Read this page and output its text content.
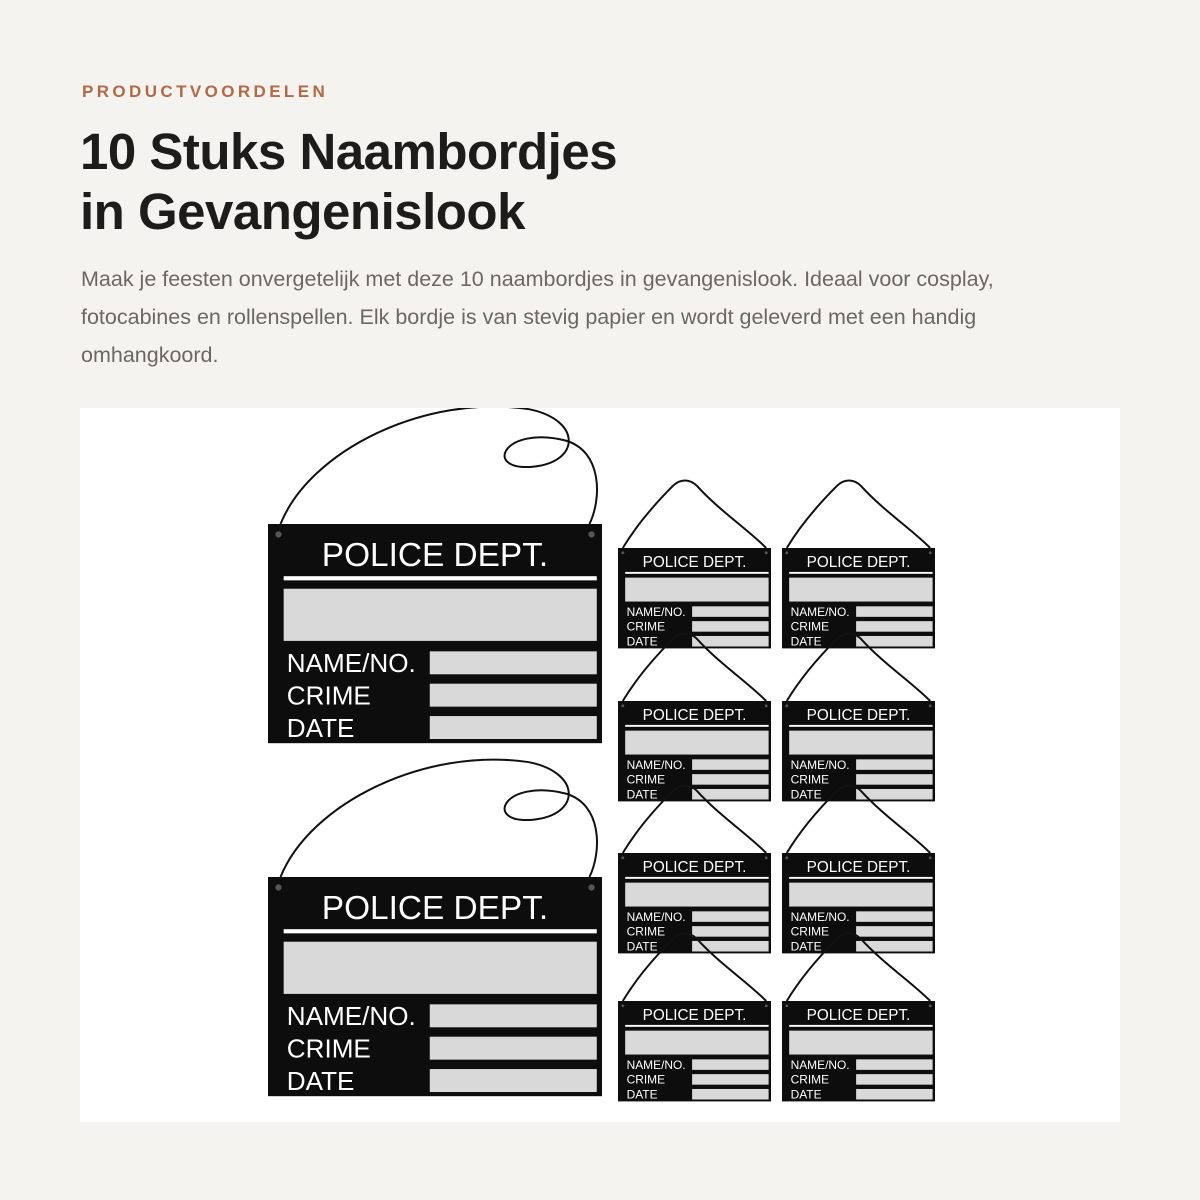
PRODUCTVOORDELEN
10 Stuks Naambordjes
in Gevangenislook

Maak je feesten onvergetelijk met deze 10 naambordjes in gevangenislook. Ideaal voor cosplay, fotocabines en rollenspellen. Elk bordje is van stevig papier en wordt geleverd met een handig omhangkoord.

POLICE DEPT.
NAME/NO.
CRIME
DATE
POLICE DEPT.
NAME/NO.
CRIME
DATE
POLICE DEPT.
NAME/NO.
CRIME
DATE
POLICE DEPT.
NAME/NO.
CRIME
DATE
POLICE DEPT.
NAME/NO.
CRIME
DATE
POLICE DEPT.
NAME/NO.
CRIME
DATE
POLICE DEPT.
NAME/NO.
CRIME
DATE
POLICE DEPT.
NAME/NO.
CRIME
DATE
POLICE DEPT.
NAME/NO.
CRIME
DATE
POLICE DEPT.
NAME/NO.
CRIME
DATE
